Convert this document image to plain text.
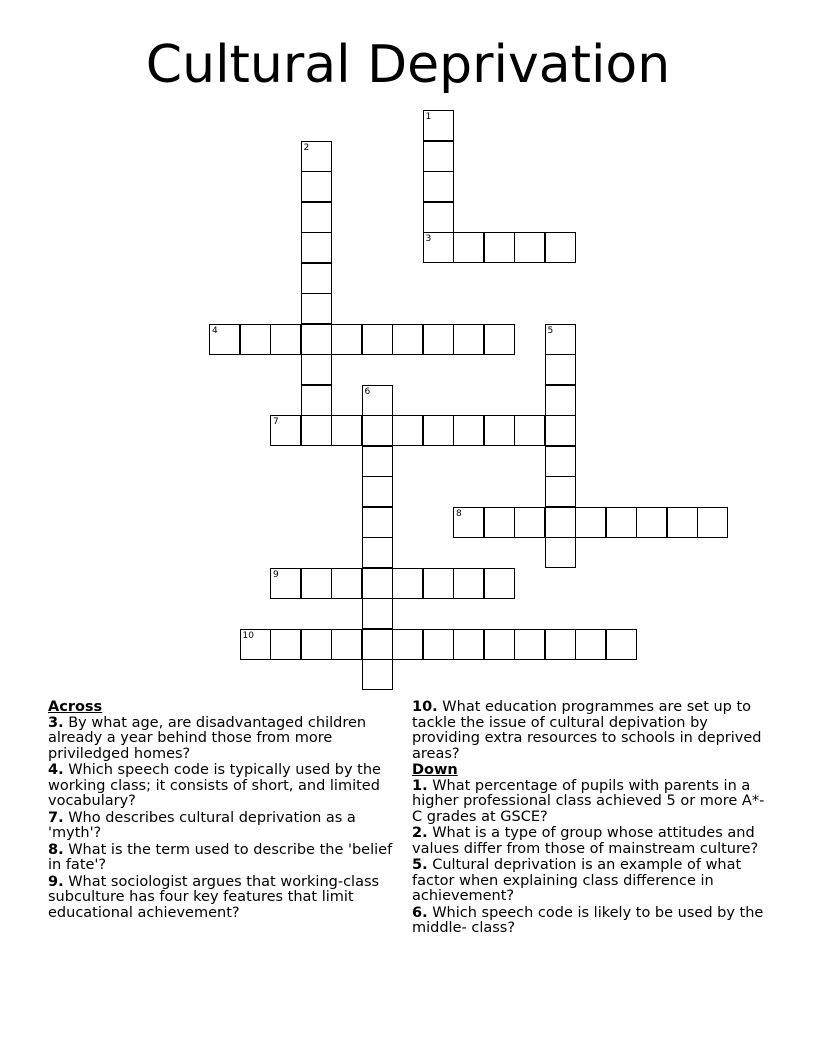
Cultural Deprivation
1
3
2
4	5
7
6
8
9
10
Across
3. By what age, are disadvantaged children already a year behind those from more priviledged homes?
4. Which speech code is typically used by the working class; it consists of short, and limited vocabulary?
7. Who describes cultural deprivation as a 'myth'?
8. What is the term used to describe the 'belief in fate'?
9. What sociologist argues that working-class subculture has four key features that limit educational achievement?
10. What education programmes are set up to tackle the issue of cultural depivation by providing extra resources to schools in deprived areas?
Down
1. What percentage of pupils with parents in a higher professional class achieved 5 or more A*-C grades at GSCE?
2. What is a type of group whose attitudes and values differ from those of mainstream culture?
5. Cultural deprivation is an example of what factor when explaining class difference in achievement?
6. Which speech code is likely to be used by the middle- class?
